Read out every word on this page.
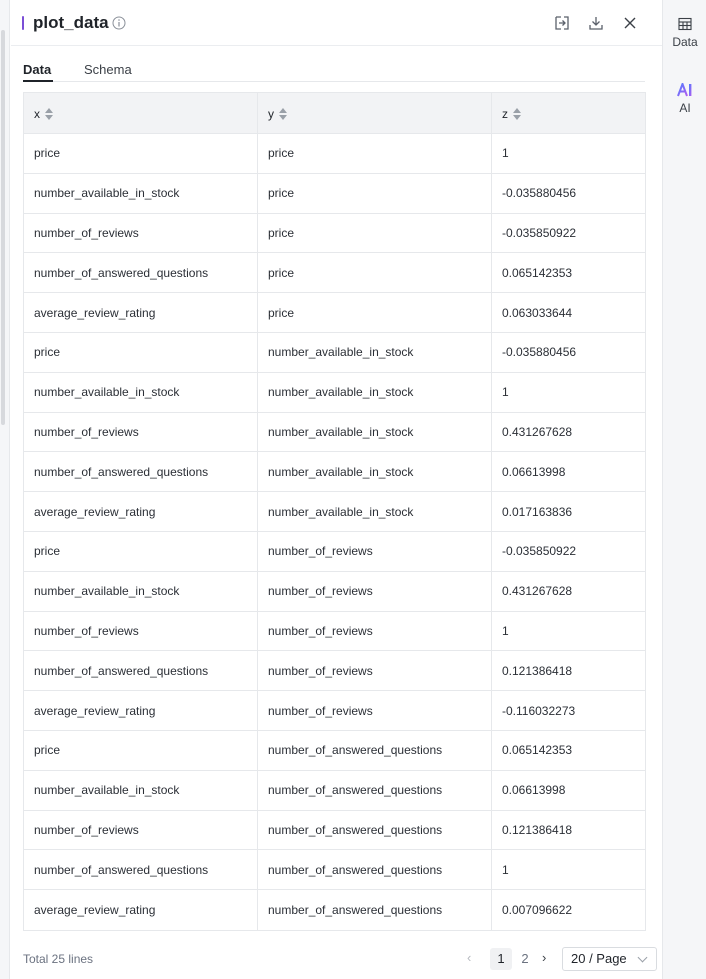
plot_data
Data	Schema
x	y	z
price	price	1
number_available_in_stock	price	-0.035880456
number_of_reviews	price	-0.035850922
number_of_answered_questions	price	0.065142353
average_review_rating	price	0.063033644
price	number_available_in_stock	-0.035880456
number_available_in_stock	number_available_in_stock	1
number_of_reviews	number_available_in_stock	0.431267628
number_of_answered_questions	number_available_in_stock	0.06613998
average_review_rating	number_available_in_stock	0.017163836
price	number_of_reviews	-0.035850922
number_available_in_stock	number_of_reviews	0.431267628
number_of_reviews	number_of_reviews	1
number_of_answered_questions	number_of_reviews	0.121386418
average_review_rating	number_of_reviews	-0.116032273
price	number_of_answered_questions	0.065142353
number_available_in_stock	number_of_answered_questions	0.06613998
number_of_reviews	number_of_answered_questions	0.121386418
number_of_answered_questions	number_of_answered_questions	1
average_review_rating	number_of_answered_questions	0.007096622
Total 25 lines	‹	1	2	›	20 / Page
Data
AI
